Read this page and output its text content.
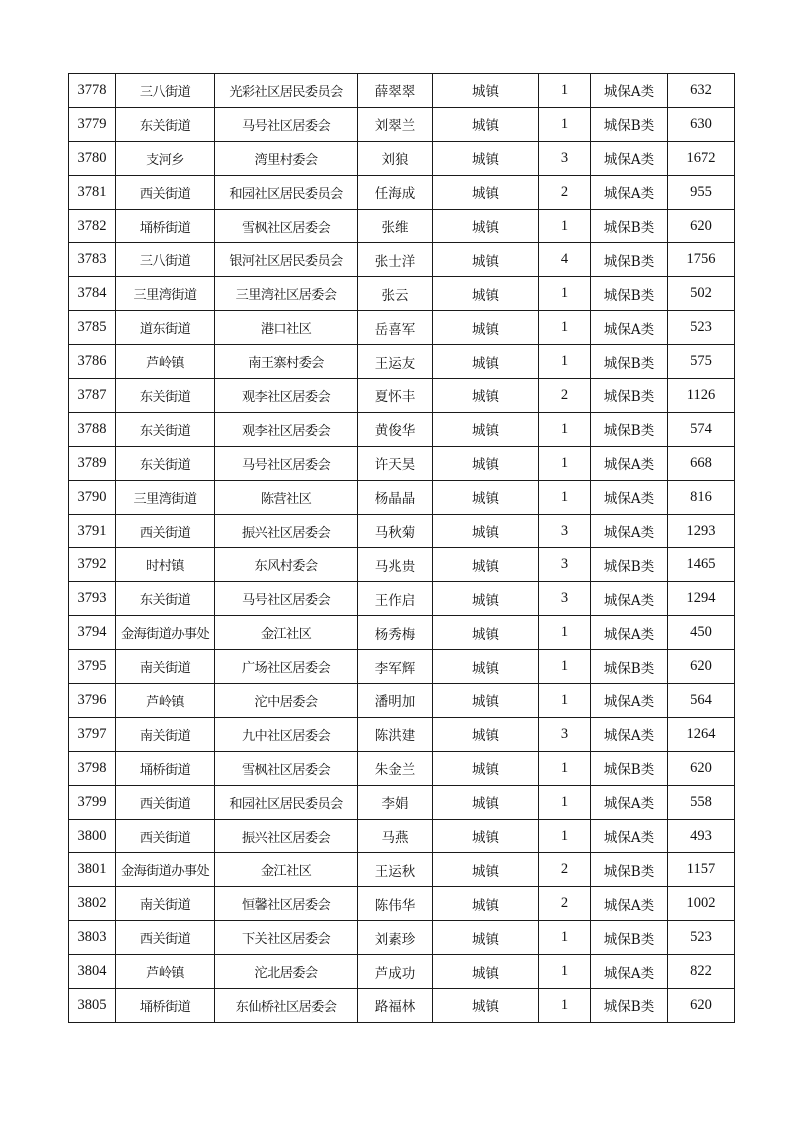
3778	三八街道	光彩社区居民委员会	薛翠翠	城镇	1	城保A类	632
3779	东关街道	马号社区居委会	刘翠兰	城镇	1	城保B类	630
3780	支河乡	湾里村委会	刘狼	城镇	3	城保A类	1672
3781	西关街道	和园社区居民委员会	任海成	城镇	2	城保A类	955
3782	埇桥街道	雪枫社区居委会	张维	城镇	1	城保B类	620
3783	三八街道	银河社区居民委员会	张士洋	城镇	4	城保B类	1756
3784	三里湾街道	三里湾社区居委会	张云	城镇	1	城保B类	502
3785	道东街道	港口社区	岳喜军	城镇	1	城保A类	523
3786	芦岭镇	南王寨村委会	王运友	城镇	1	城保B类	575
3787	东关街道	观李社区居委会	夏怀丰	城镇	2	城保B类	1126
3788	东关街道	观李社区居委会	黄俊华	城镇	1	城保B类	574
3789	东关街道	马号社区居委会	许天昊	城镇	1	城保A类	668
3790	三里湾街道	陈营社区	杨晶晶	城镇	1	城保A类	816
3791	西关街道	振兴社区居委会	马秋菊	城镇	3	城保A类	1293
3792	时村镇	东风村委会	马兆贵	城镇	3	城保B类	1465
3793	东关街道	马号社区居委会	王作启	城镇	3	城保A类	1294
3794	金海街道办事处	金江社区	杨秀梅	城镇	1	城保A类	450
3795	南关街道	广场社区居委会	李军辉	城镇	1	城保B类	620
3796	芦岭镇	沱中居委会	潘明加	城镇	1	城保A类	564
3797	南关街道	九中社区居委会	陈洪建	城镇	3	城保A类	1264
3798	埇桥街道	雪枫社区居委会	朱金兰	城镇	1	城保B类	620
3799	西关街道	和园社区居民委员会	李娟	城镇	1	城保A类	558
3800	西关街道	振兴社区居委会	马燕	城镇	1	城保A类	493
3801	金海街道办事处	金江社区	王运秋	城镇	2	城保B类	1157
3802	南关街道	恒馨社区居委会	陈伟华	城镇	2	城保A类	1002
3803	西关街道	下关社区居委会	刘素珍	城镇	1	城保B类	523
3804	芦岭镇	沱北居委会	芦成功	城镇	1	城保A类	822
3805	埇桥街道	东仙桥社区居委会	路福林	城镇	1	城保B类	620
